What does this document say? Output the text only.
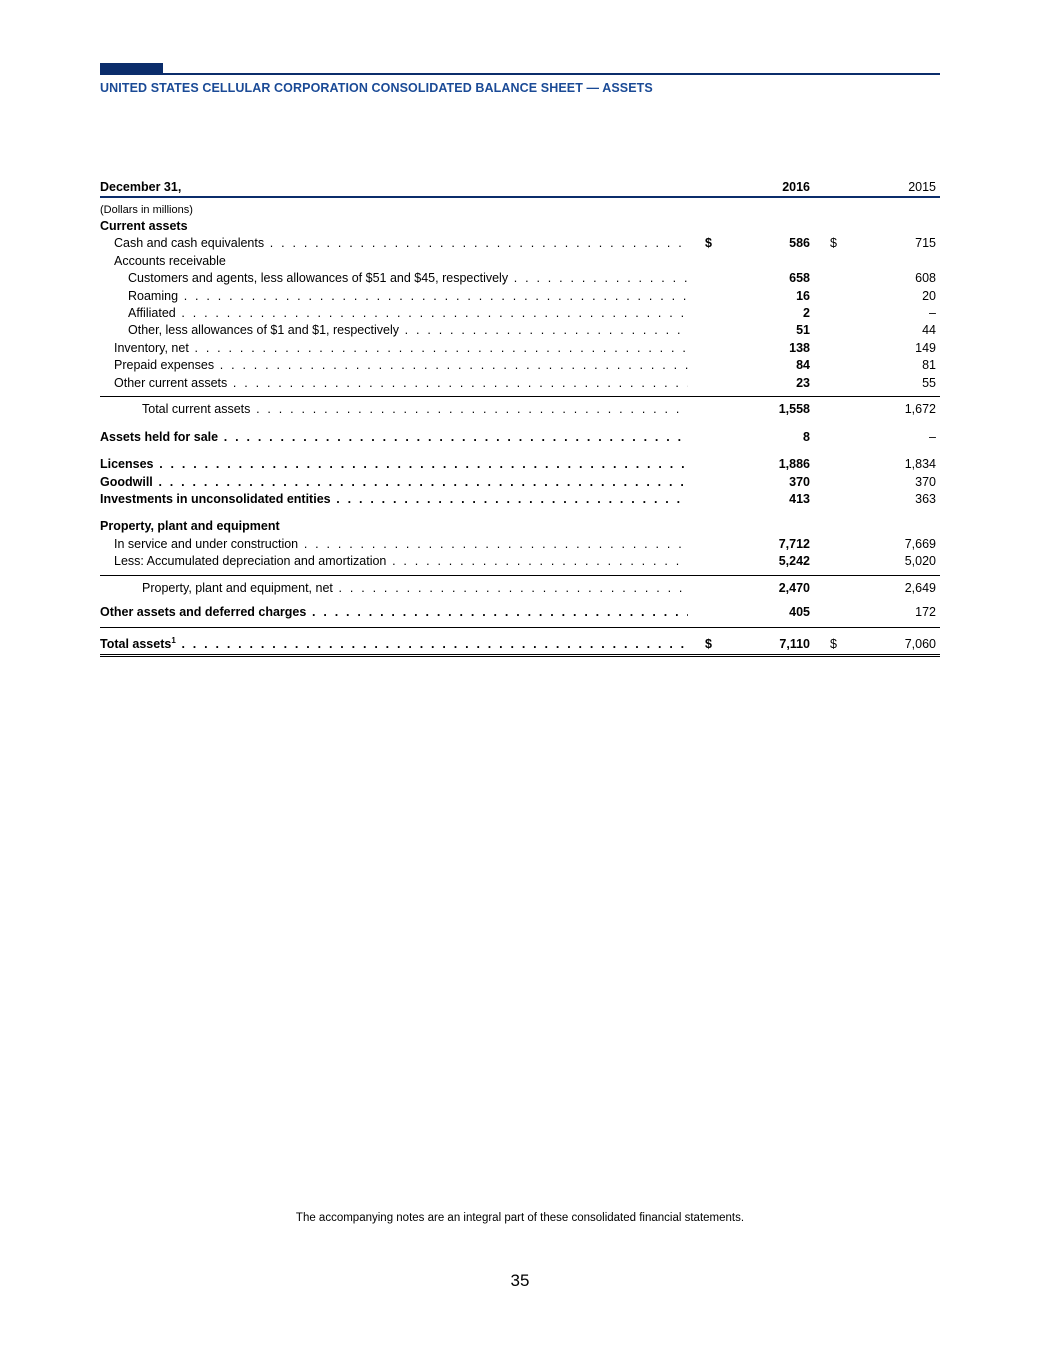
UNITED STATES CELLULAR CORPORATION CONSOLIDATED BALANCE SHEET — ASSETS
December 31,	2016	2015
(Dollars in millions)
Current assets
Cash and cash equivalents . . .	$	586 $	715
Accounts receivable
Customers and agents, less allowances of $51 and $45, respectively . . .	658	608
Roaming . . .	16	20
Affiliated . . .	2	–
Other, less allowances of $1 and $1, respectively . . .	51	44
Inventory, net . . .	138	149
Prepaid expenses . . .	84	81
Other current assets . . .	23	55
Total current assets . . .	1,558	1,672
Assets held for sale . . .	8	–
Licenses . . .	1,886	1,834
Goodwill . . .	370	370
Investments in unconsolidated entities . . .	413	363
Property, plant and equipment
In service and under construction . . .	7,712	7,669
Less: Accumulated depreciation and amortization . . .	5,242	5,020
Property, plant and equipment, net . . .	2,470	2,649
Other assets and deferred charges . . .	405	172
Total assets$^1$ . . .	$	7,110 $	7,060
The accompanying notes are an integral part of these consolidated financial statements.
35
